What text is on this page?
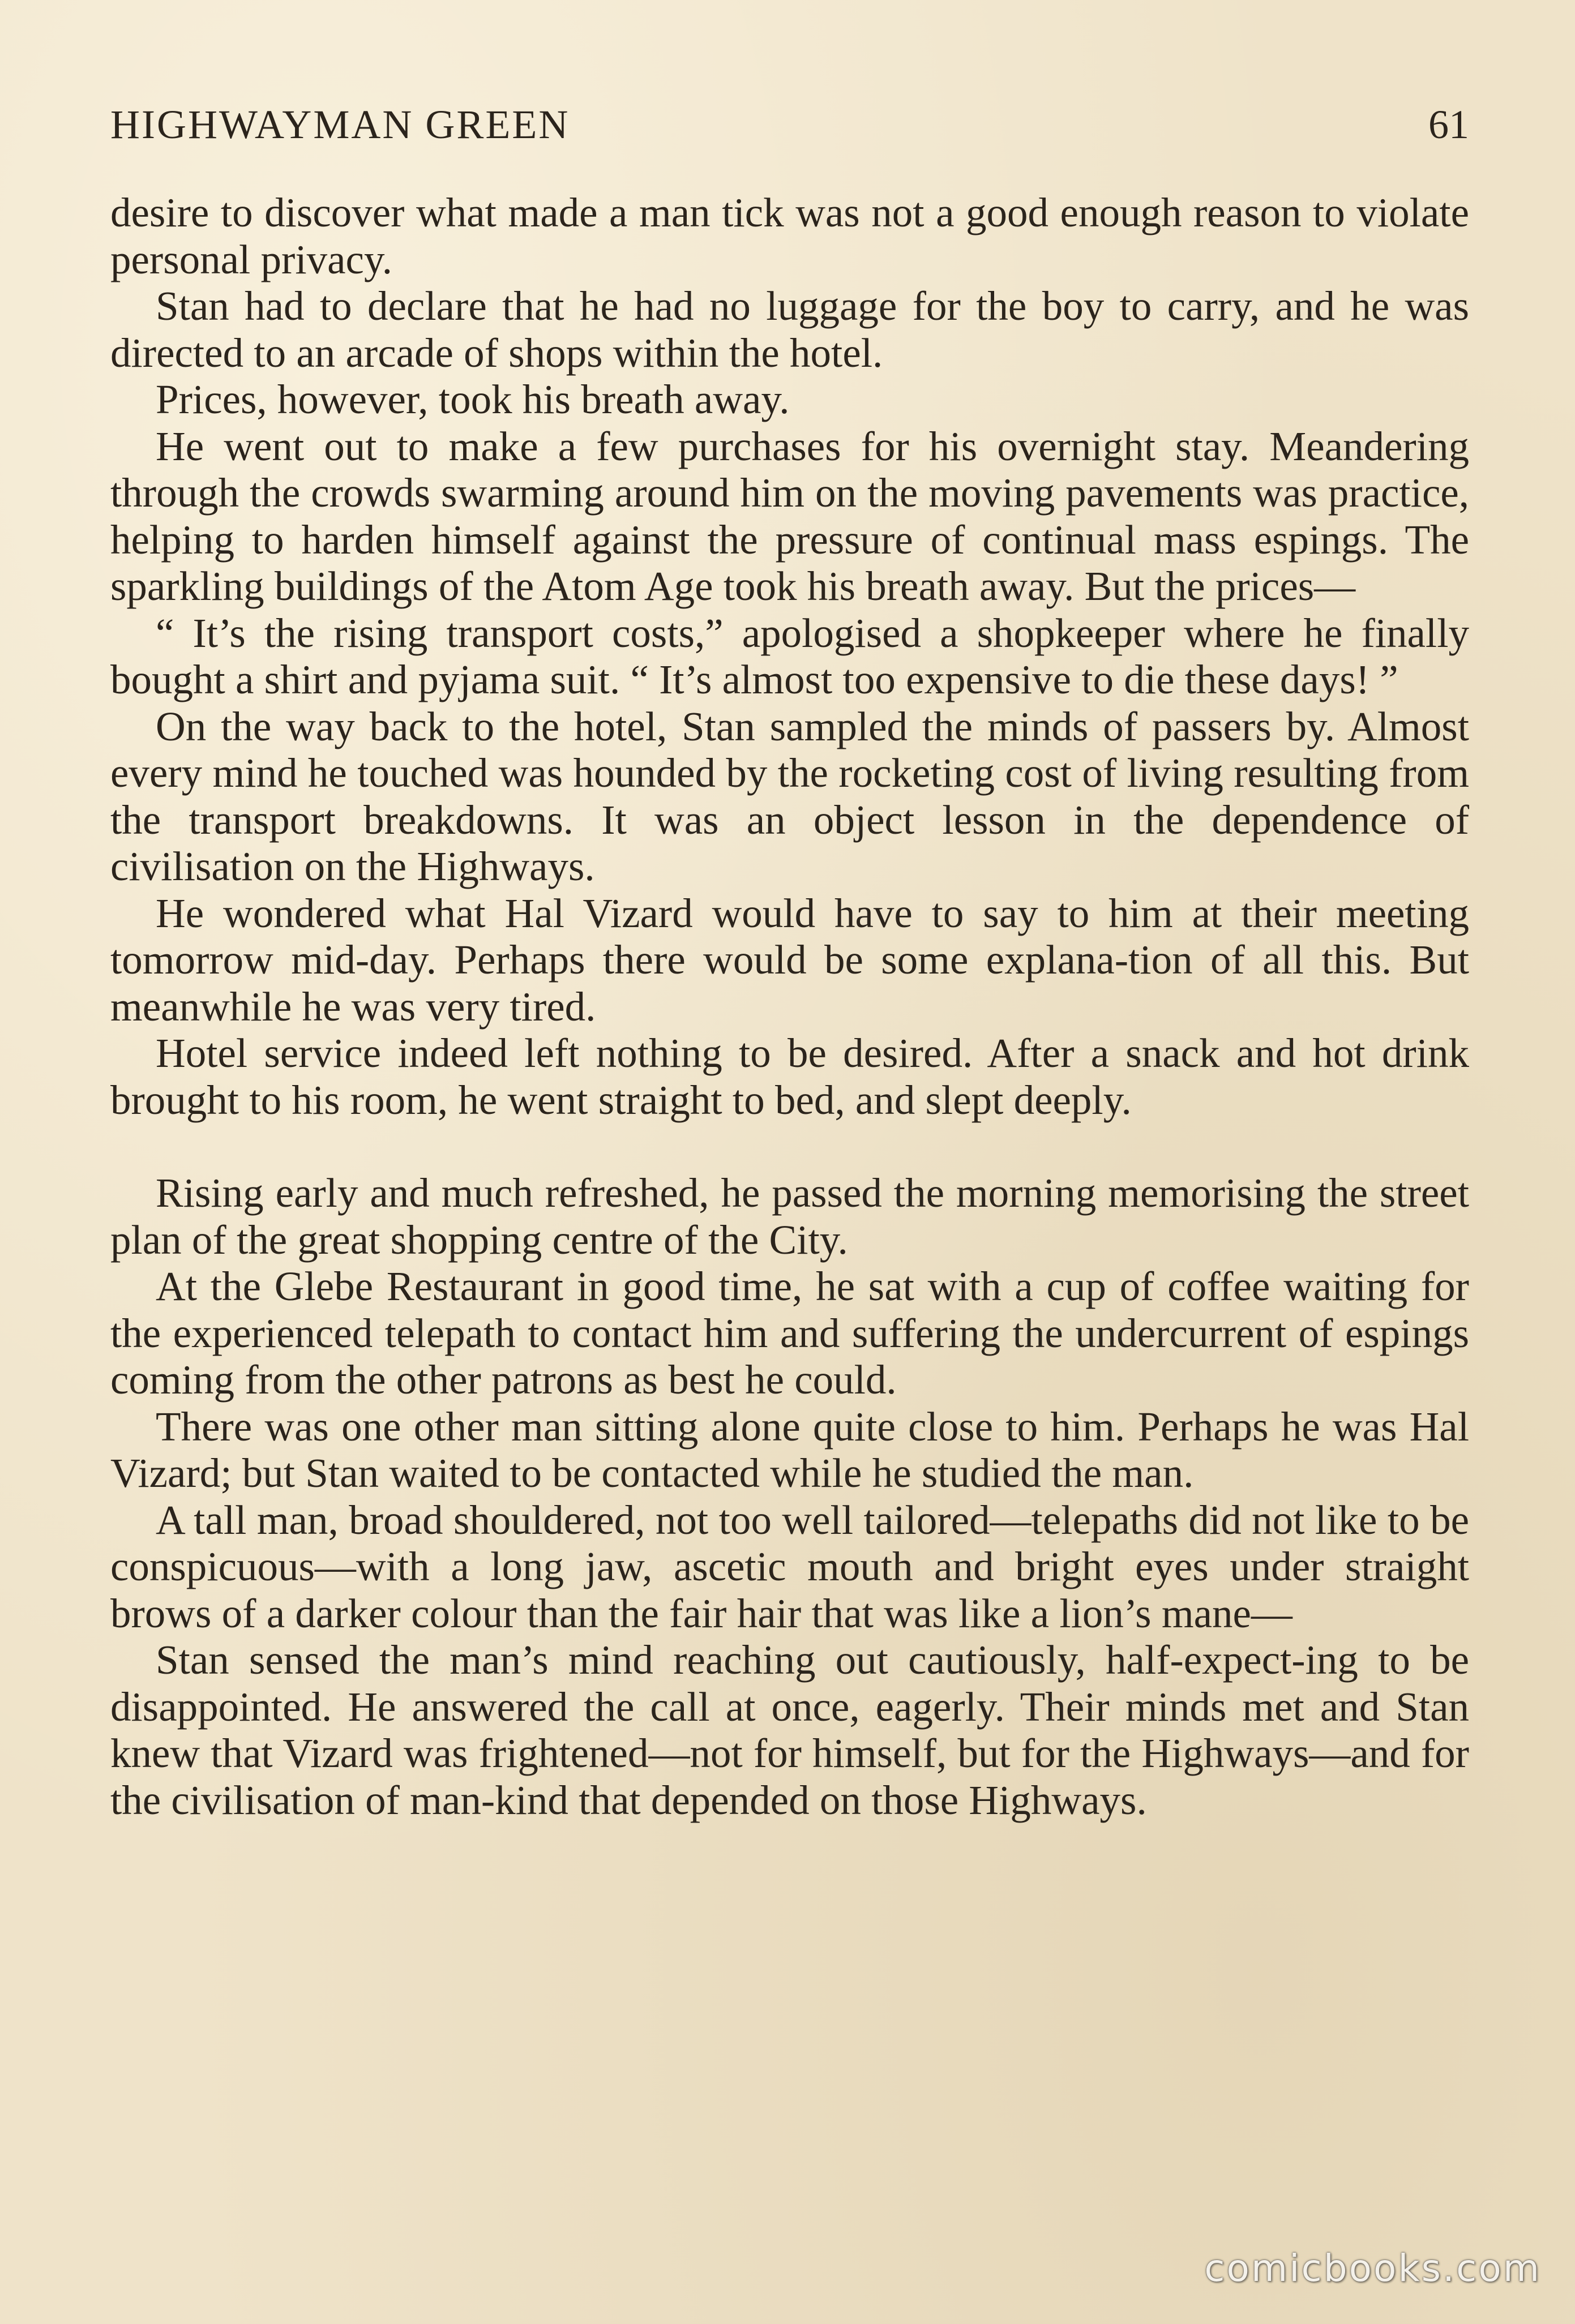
HIGHWAYMAN GREEN	61

desire to discover what made a man tick was not a good enough reason to violate personal privacy.

Stan had to declare that he had no luggage for the boy to carry, and he was directed to an arcade of shops within the hotel.

Prices, however, took his breath away.

He went out to make a few purchases for his overnight stay. Meandering through the crowds swarming around him on the moving pavements was practice, helping to harden himself against the pressure of continual mass espings. The sparkling buildings of the Atom Age took his breath away. But the prices—

“ It’s the rising transport costs,” apologised a shopkeeper where he finally bought a shirt and pyjama suit. “ It’s almost too expensive to die these days! ”

On the way back to the hotel, Stan sampled the minds of passers by. Almost every mind he touched was hounded by the rocketing cost of living resulting from the transport breakdowns. It was an object lesson in the dependence of civilisation on the Highways.

He wondered what Hal Vizard would have to say to him at their meeting tomorrow mid-day. Perhaps there would be some explana-tion of all this. But meanwhile he was very tired.

Hotel service indeed left nothing to be desired. After a snack and hot drink brought to his room, he went straight to bed, and slept deeply.

Rising early and much refreshed, he passed the morning memorising the street plan of the great shopping centre of the City.

At the Glebe Restaurant in good time, he sat with a cup of coffee waiting for the experienced telepath to contact him and suffering the undercurrent of espings coming from the other patrons as best he could.

There was one other man sitting alone quite close to him. Perhaps he was Hal Vizard; but Stan waited to be contacted while he studied the man.

A tall man, broad shouldered, not too well tailored—telepaths did not like to be conspicuous—with a long jaw, ascetic mouth and bright eyes under straight brows of a darker colour than the fair hair that was like a lion’s mane—

Stan sensed the man’s mind reaching out cautiously, half-expect-ing to be disappointed. He answered the call at once, eagerly. Their minds met and Stan knew that Vizard was frightened—not for himself, but for the Highways—and for the civilisation of man-kind that depended on those Highways.

comicbooks.com
